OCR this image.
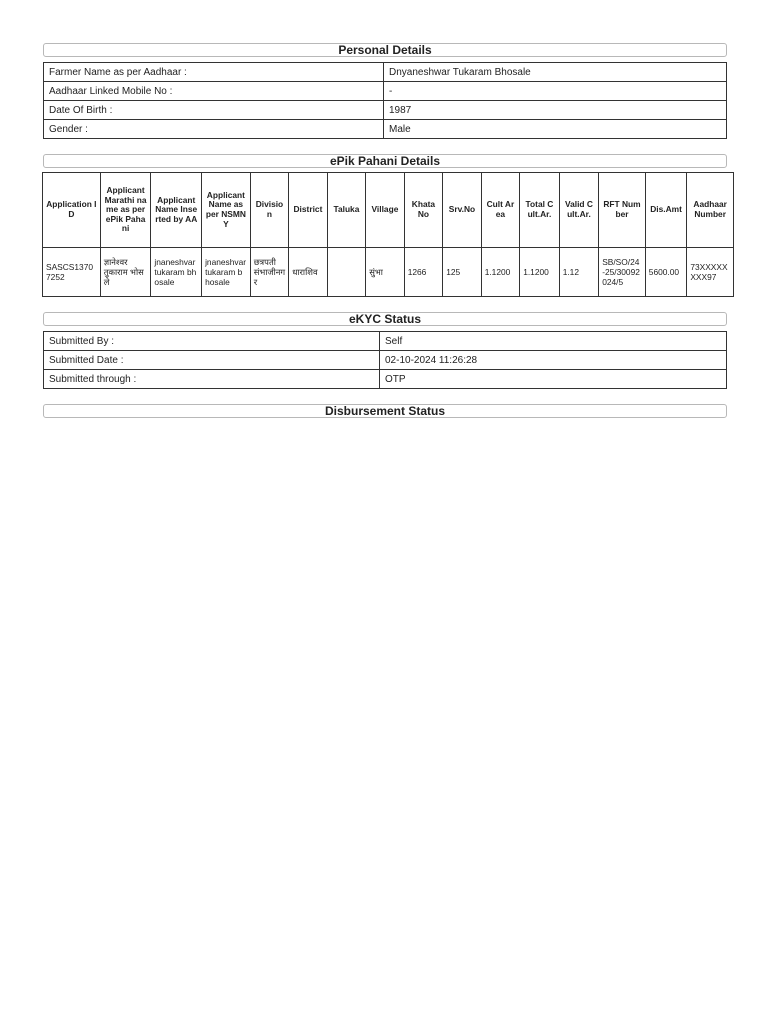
Personal Details
Farmer Name as per Aadhaar :	Dnyaneshwar Tukaram Bhosale
Aadhaar Linked Mobile No :	-
Date Of Birth :	1987
Gender :	Male
ePik Pahani Details
Application ID	Applicant Marathi name as per ePik Pahani	Applicant Name Inserted by AA	Applicant Name as per NSMNY	Division	District	Taluka	Village	Khata No	Srv.No	Cult Area	Total Cult.Ar.	Valid Cult.Ar.	RFT Number	Dis.Amt	Aadhaar Number
SASCS13707252	ज्ञानेश्वर तुकाराम भोसले	jnaneshvar tukaram bhosale	jnaneshvar tukaram bhosale	छत्रपती संभाजीनगर	धाराशिव		सुंभा	1266	125	1.1200	1.1200	1.12	SB/SO/24-25/30092024/5	5600.00	73XXXXXXXX97
eKYC Status
Submitted By :	Self
Submitted Date :	02-10-2024 11:26:28
Submitted through :	OTP
Disbursement Status
